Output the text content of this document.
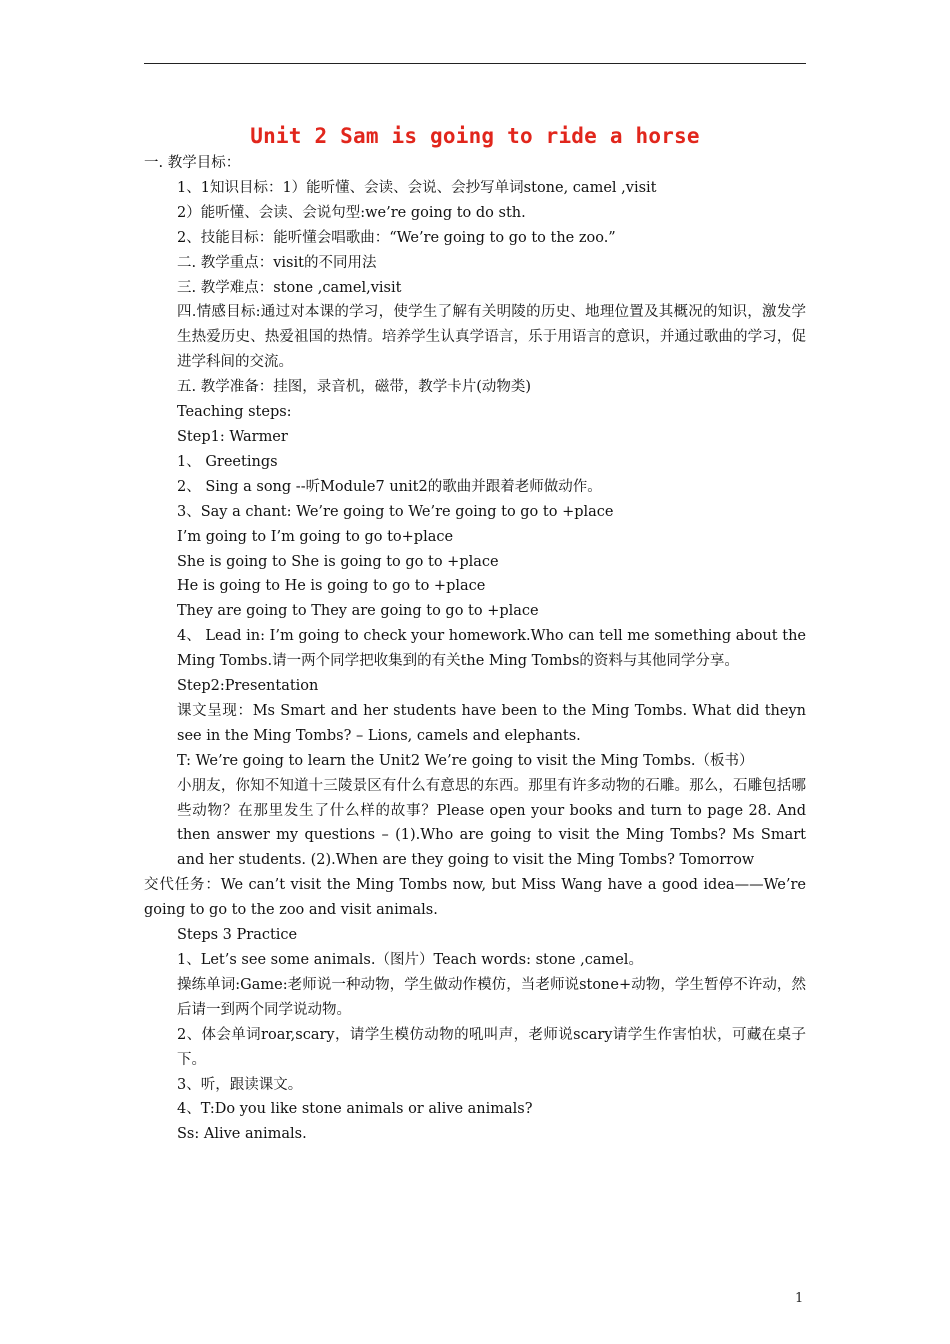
Unit 2 Sam is going to ride a horse

一. 教学目标：

1、1知识目标：1）能听懂、会读、会说、会抄写单词stone, camel ,visit

2）能听懂、会读、会说句型:we’re going to do sth.

2、技能目标：能听懂会唱歌曲：“We’re going to go to the zoo.”

二. 教学重点：visit的不同用法

三. 教学难点：stone ,camel,visit

四.情感目标:通过对本课的学习，使学生了解有关明陵的历史、地理位置及其概况的知识，激发学生热爱历史、热爱祖国的热情。培养学生认真学语言，乐于用语言的意识，并通过歌曲的学习，促进学科间的交流。

五. 教学准备：挂图，录音机，磁带，教学卡片(动物类)

Teaching steps:

Step1: Warmer

1、 Greetings

2、 Sing a song --听Module7 unit2的歌曲并跟着老师做动作。

3、Say a chant: We’re going to We’re going to go to +place

I’m going to I’m going to go to+place

She is going to She is going to go to +place

He is going to He is going to go to +place

They are going to They are going to go to +place

4、 Lead in: I’m going to check your homework.Who can tell me something about the Ming Tombs.请一两个同学把收集到的有关the Ming Tombs的资料与其他同学分享。

Step2:Presentation

课文呈现：Ms Smart and her students have been to the Ming Tombs. What did theyn see in the Ming Tombs? – Lions, camels and elephants.

T: We’re going to learn the Unit2 We’re going to visit the Ming Tombs.（板书）

小朋友，你知不知道十三陵景区有什么有意思的东西。那里有许多动物的石雕。那么，石雕包括哪些动物？在那里发生了什么样的故事？Please open your books and turn to page 28. And then answer my questions – (1).Who are going to visit the Ming Tombs? Ms Smart and her students. (2).When are they going to visit the Ming Tombs? Tomorrow

交代任务：We can’t visit the Ming Tombs now, but Miss Wang have a good idea——We’re going to go to the zoo and visit animals.

Steps 3 Practice

1、Let’s see some animals.（图片）Teach words: stone ,camel。

操练单词:Game:老师说一种动物，学生做动作模仿，当老师说stone+动物，学生暂停不许动，然后请一到两个同学说动物。

2、体会单词roar,scary，请学生模仿动物的吼叫声，老师说scary请学生作害怕状，可藏在桌子下。

3、听，跟读课文。

4、T:Do you like stone animals or alive animals?

Ss: Alive animals.

1
